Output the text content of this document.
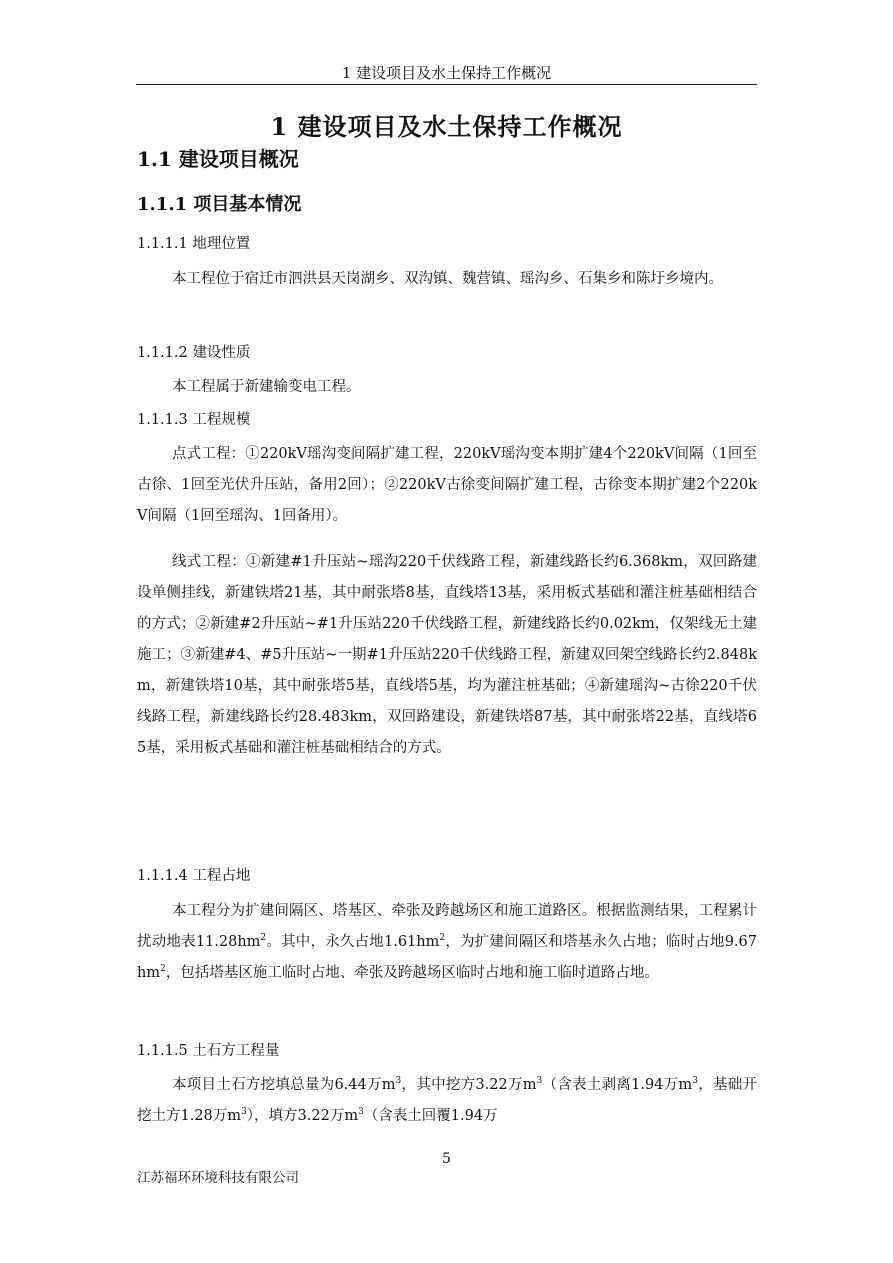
1 建设项目及水土保持工作概况
1 建设项目及水土保持工作概况
1.1 建设项目概况
1.1.1 项目基本情况
1.1.1.1 地理位置

本工程位于宿迁市泗洪县天岗湖乡、双沟镇、魏营镇、瑶沟乡、石集乡和陈圩乡境内。

1.1.1.2 建设性质

本工程属于新建输变电工程。

1.1.1.3 工程规模

点式工程：①220kV瑶沟变间隔扩建工程，220kV瑶沟变本期扩建4个220kV间隔（1回至古徐、1回至光伏升压站，备用2回）；②220kV古徐变间隔扩建工程，古徐变本期扩建2个220kV间隔（1回至瑶沟、1回备用）。

线式工程：①新建#1升压站~瑶沟220千伏线路工程，新建线路长约6.368km，双回路建设单侧挂线，新建铁塔21基，其中耐张塔8基，直线塔13基，采用板式基础和灌注桩基础相结合的方式；②新建#2升压站~#1升压站220千伏线路工程，新建线路长约0.02km，仅架线无土建施工；③新建#4、#5升压站~一期#1升压站220千伏线路工程，新建双回架空线路长约2.848km，新建铁塔10基，其中耐张塔5基，直线塔5基，均为灌注桩基础；④新建瑶沟~古徐220千伏线路工程，新建线路长约28.483km，双回路建设，新建铁塔87基，其中耐张塔22基，直线塔65基，采用板式基础和灌注桩基础相结合的方式。

1.1.1.4 工程占地

本工程分为扩建间隔区、塔基区、牵张及跨越场区和施工道路区。根据监测结果，工程累计扰动地表$11.28hm^2$。其中，永久占地$1.61hm^2$，为扩建间隔区和塔基永久占地；临时占地$9.67hm^2$，包括塔基区施工临时占地、牵张及跨越场区临时占地和施工临时道路占地。

1.1.1.5 土石方工程量

本项目土石方挖填总量为6.44万$m^3$，其中挖方3.22万$m^3$（含表土剥离1.94万$m^3$，基础开挖土方1.28万$m^3$），填方3.22万$m^3$（含表土回覆1.94万

5
江苏福环环境科技有限公司
